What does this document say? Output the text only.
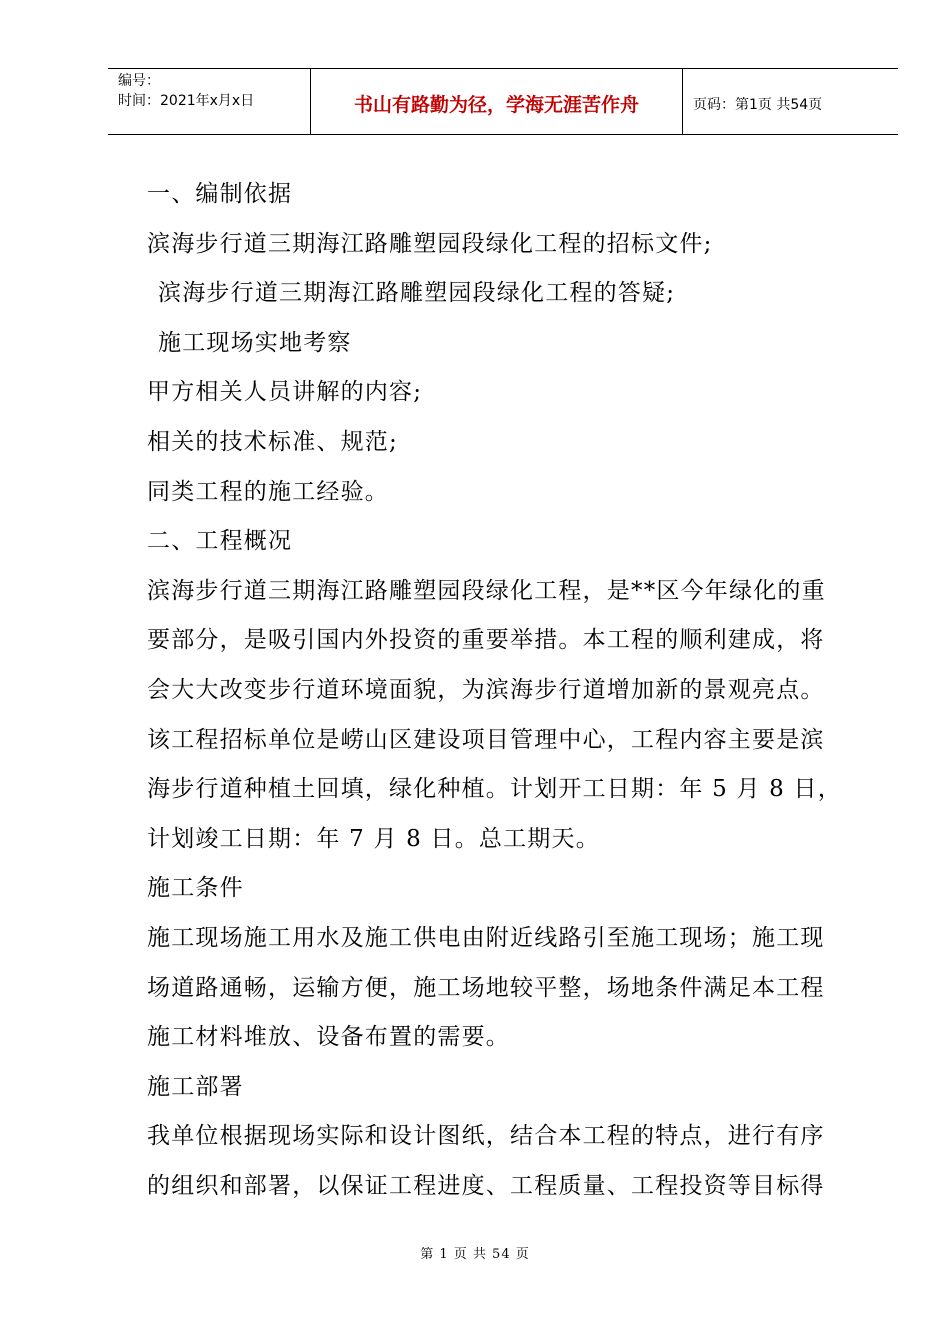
编号：
时间：2021年x月x日	书山有路勤为径，学海无涯苦作舟	页码：第1页 共54页

一、编制依据

滨海步行道三期海江路雕塑园段绿化工程的招标文件;

滨海步行道三期海江路雕塑园段绿化工程的答疑;

施工现场实地考察

甲方相关人员讲解的内容;

相关的技术标准、规范;

同类工程的施工经验。

二、工程概况

滨海步行道三期海江路雕塑园段绿化工程，是**区今年绿化的重

要部分，是吸引国内外投资的重要举措。本工程的顺利建成，将

会大大改变步行道环境面貌，为滨海步行道增加新的景观亮点。

该工程招标单位是崂山区建设项目管理中心，工程内容主要是滨

海步行道种植土回填，绿化种植。计划开工日期：年 5 月 8 日，

计划竣工日期：年 7 月 8 日。总工期天。

施工条件

施工现场施工用水及施工供电由附近线路引至施工现场；施工现

场道路通畅，运输方便，施工场地较平整，场地条件满足本工程

施工材料堆放、设备布置的需要。

施工部署

我单位根据现场实际和设计图纸，结合本工程的特点，进行有序

的组织和部署，以保证工程进度、工程质量、工程投资等目标得

第 1 页 共 54 页
